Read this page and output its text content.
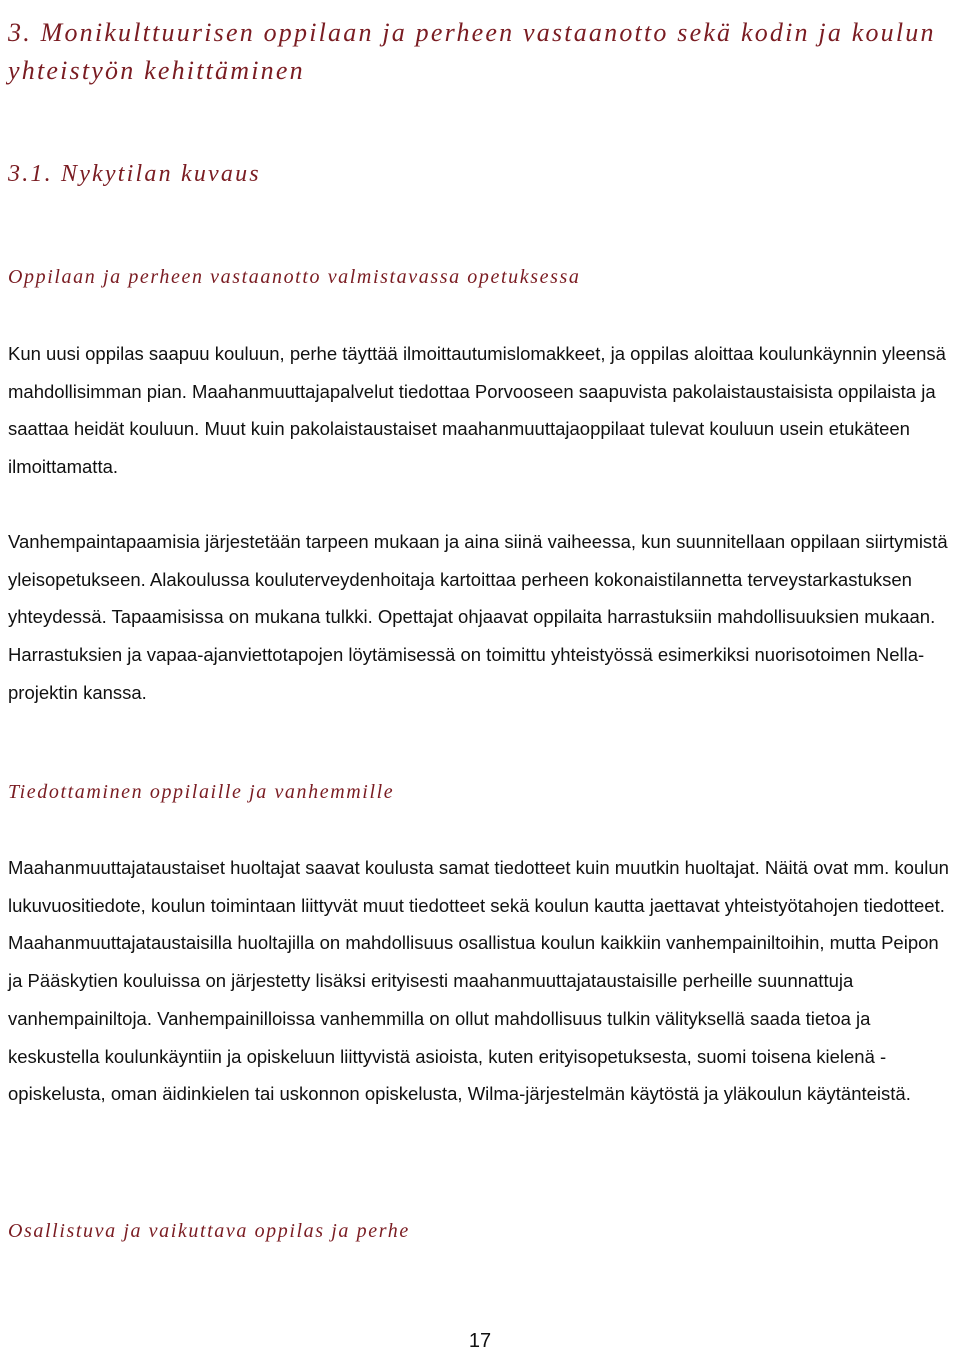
3. Monikulttuurisen oppilaan ja perheen vastaanotto sekä kodin ja koulun yhteistyön kehittäminen
3.1. Nykytilan kuvaus
Oppilaan ja perheen vastaanotto valmistavassa opetuksessa

Kun uusi oppilas saapuu kouluun, perhe täyttää ilmoittautumislomakkeet, ja oppilas aloittaa koulunkäynnin yleensä mahdollisimman pian. Maahanmuuttajapalvelut tiedottaa Porvooseen saapuvista pakolaistaustaisista oppilaista ja saattaa heidät kouluun. Muut kuin pakolaistaustaiset maahanmuuttajaoppilaat tulevat kouluun usein etukäteen ilmoittamatta.

Vanhempaintapaamisia järjestetään tarpeen mukaan ja aina siinä vaiheessa, kun suunnitellaan oppilaan siirtymistä yleisopetukseen. Alakoulussa kouluterveydenhoitaja kartoittaa perheen kokonaistilannetta terveystarkastuksen yhteydessä. Tapaamisissa on mukana tulkki. Opettajat ohjaavat oppilaita harrastuksiin mahdollisuuksien mukaan. Harrastuksien ja vapaa-ajanviettotapojen löytämisessä on toimittu yhteistyössä esimerkiksi nuorisotoimen Nella-projektin kanssa.

Tiedottaminen oppilaille ja vanhemmille

Maahanmuuttajataustaiset huoltajat saavat koulusta samat tiedotteet kuin muutkin huoltajat. Näitä ovat mm. koulun lukuvuositiedote, koulun toimintaan liittyvät muut tiedotteet sekä koulun kautta jaettavat yhteistyötahojen tiedotteet. Maahanmuuttajataustaisilla huoltajilla on mahdollisuus osallistua koulun kaikkiin vanhempainiltoihin, mutta Peipon ja Pääskytien kouluissa on järjestetty lisäksi erityisesti maahanmuuttajataustaisille perheille suunnattuja vanhempainiltoja. Vanhempainilloissa vanhemmilla on ollut mahdollisuus tulkin välityksellä saada tietoa ja keskustella koulunkäyntiin ja opiskeluun liittyvistä asioista, kuten erityisopetuksesta, suomi toisena kielenä -opiskelusta, oman äidinkielen tai uskonnon opiskelusta, Wilma-järjestelmän käytöstä ja yläkoulun käytänteistä.

Osallistuva ja vaikuttava oppilas ja perhe
17
